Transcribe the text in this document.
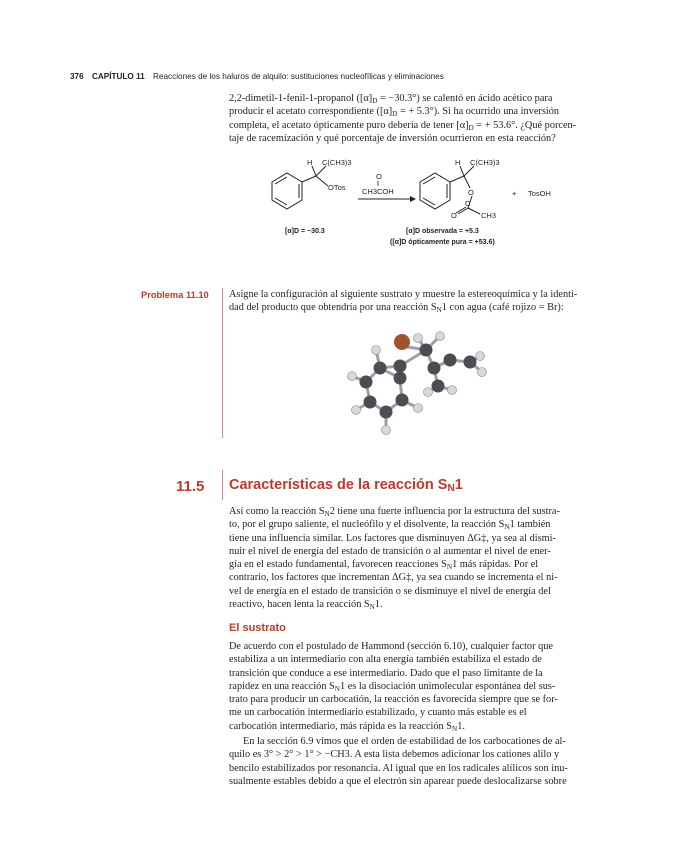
376 CAPÍTULO 11 Reacciones de los haluros de alquilo: sustituciones nucleofílicas y eliminaciones

2,2-dimetil-1-fenil-1-propanol $([\alpha]_D = -30.3^\circ)$ se calentó en ácido acético para

producir el acetato correspondiente ($[\alpha]_D$ = + 5.3°). Si ha ocurrido una inversión

completa, el acetato ópticamente puro debería de tener $[\alpha]_D$ = + 53.6°. ¿Qué porcen-

taje de racemización y qué porcentaje de inversión ocurrieron en esta reacción?

H C(CH3)3
OTos
O
CH3COH
H C(CH3)3
O
O
C
CH3
+ TosOH
[α]D = −30.3	[α]D observada = +5.3
([α]D ópticamente pura = +53.6)
Problema 11.10 Asigne la configuración al siguiente sustrato y muestre la estereoquímica y la identi-

dad del producto que obtendría por una reacción $S_N1$ con agua (café rojizo = Br):

11.5 Características de la reacción $S_N1$

Así como la reacción $S_N2$ tiene una fuerte influencia por la estructura del sustra-

to, por el grupo saliente, el nucleófilo y el disolvente, la reacción $S_N1$ también

tiene una influencia similar. Los factores que disminuyen ΔG‡, ya sea al dismi-

nuir el nivel de energía del estado de transición o al aumentar el nivel de ener-

gía en el estado fundamental, favorecen reacciones $S_N1$ más rápidas. Por el

contrario, los factores que incrementan ΔG‡, ya sea cuando se incrementa el ni-

vel de energía en el estado de transición o se disminuye el nivel de energía del

reactivo, hacen lenta la reacción $S_N1$.

El sustrato

De acuerdo con el postulado de Hammond (sección 6.10), cualquier factor que

estabiliza a un intermediario con alta energía también estabiliza el estado de

transición que conduce a ese intermediario. Dado que el paso limitante de la

rapidez en una reacción $S_N1$ es la disociación unimolecular espontánea del sus-

trato para producir un carbocatión, la reacción es favorecida siempre que se for-

me un carbocatión intermediario estabilizado, y cuanto más estable es el

carbocatión intermediario, más rápida es la reacción $S_N1$.

En la sección 6.9 vimos que el orden de estabilidad de los carbocationes de al-

quilo es 3° > 2° > 1° > −CH3. A esta lista debemos adicionar los cationes alilo y

bencilo estabilizados por resonancia. Al igual que en los radicales alílicos son inu-

sualmente estables debido a que el electrón sin aparear puede deslocalizarse sobre
